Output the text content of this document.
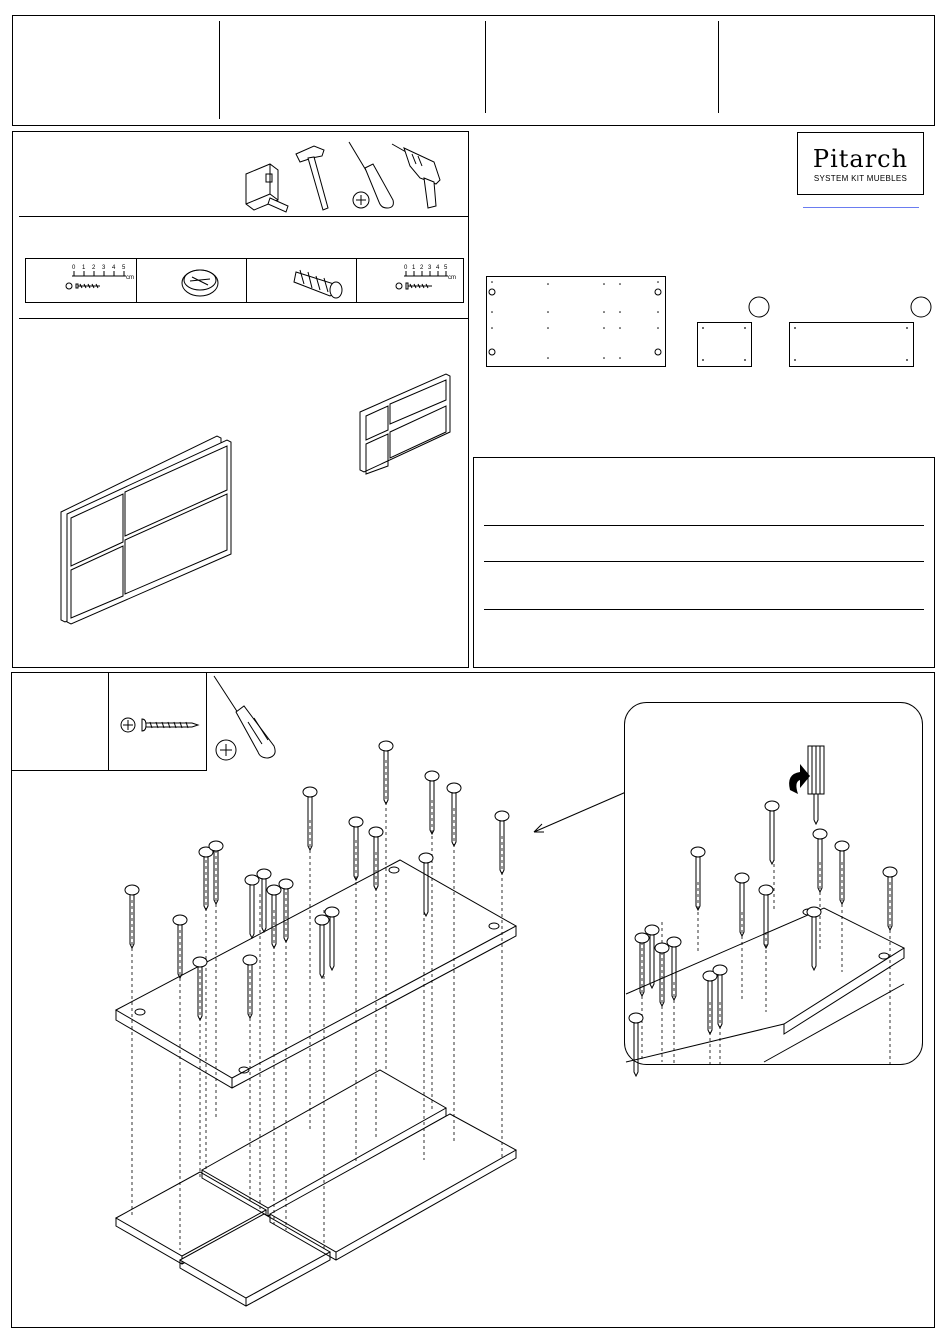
0 1 2 3 4 5
cm
0 1 2 3 4 5
cm
Pitarch
SYSTEM KIT MUEBLES
